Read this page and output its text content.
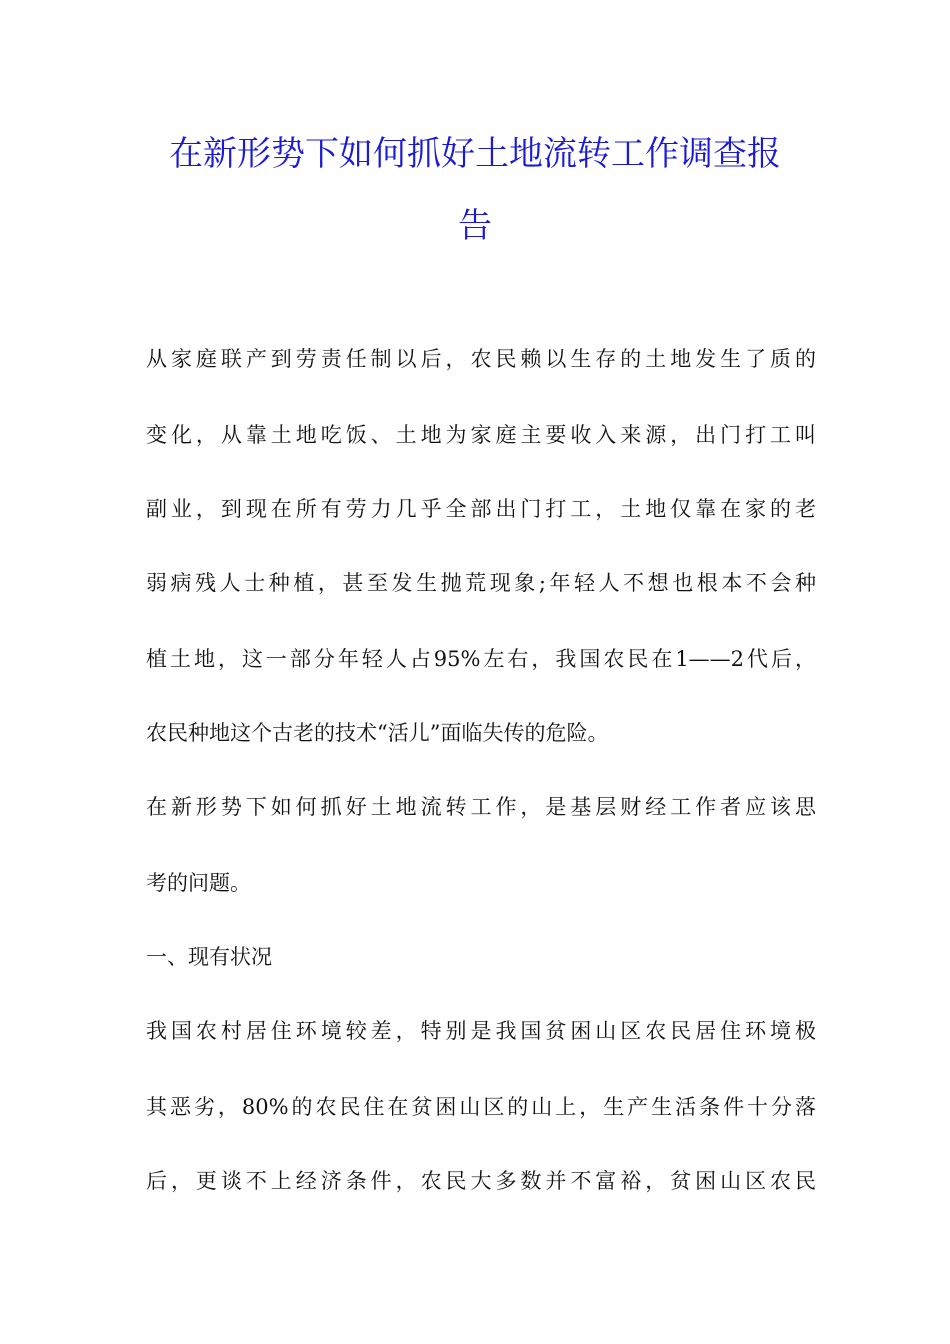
在新形势下如何抓好土地流转工作调查报
告
从家庭联产到劳责任制以后，农民赖以生存的土地发生了质的
变化，从靠土地吃饭、土地为家庭主要收入来源，出门打工叫
副业，到现在所有劳力几乎全部出门打工，土地仅靠在家的老
弱病残人士种植，甚至发生抛荒现象;年轻人不想也根本不会种
植土地，这一部分年轻人占95%左右，我国农民在1——2代后，
农民种地这个古老的技术“活儿”面临失传的危险。
在新形势下如何抓好土地流转工作，是基层财经工作者应该思
考的问题。
一、现有状况
我国农村居住环境较差，特别是我国贫困山区农民居住环境极
其恶劣，80%的农民住在贫困山区的山上，生产生活条件十分落
后，更谈不上经济条件，农民大多数并不富裕，贫困山区农民
